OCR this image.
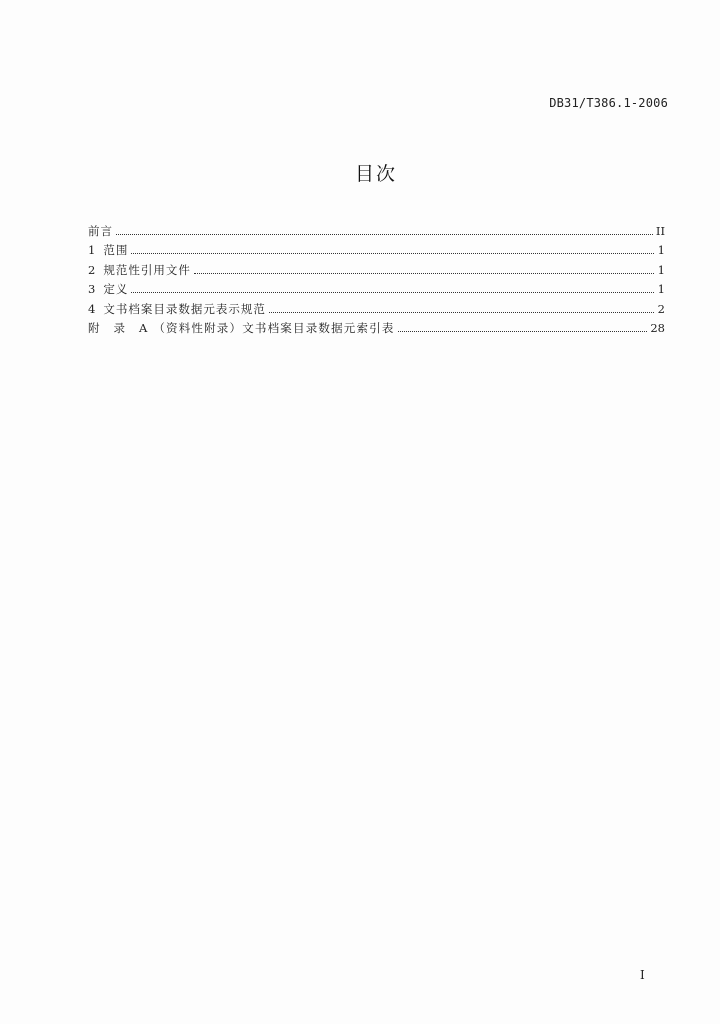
DB31/T386.1-2006
目次
前言	II
1 范围	1
2 规范性引用文件	1
3 定义	1
4 文书档案目录数据元表示规范	2
附 录 A （资料性附录）文书档案目录数据元索引表	28
I
